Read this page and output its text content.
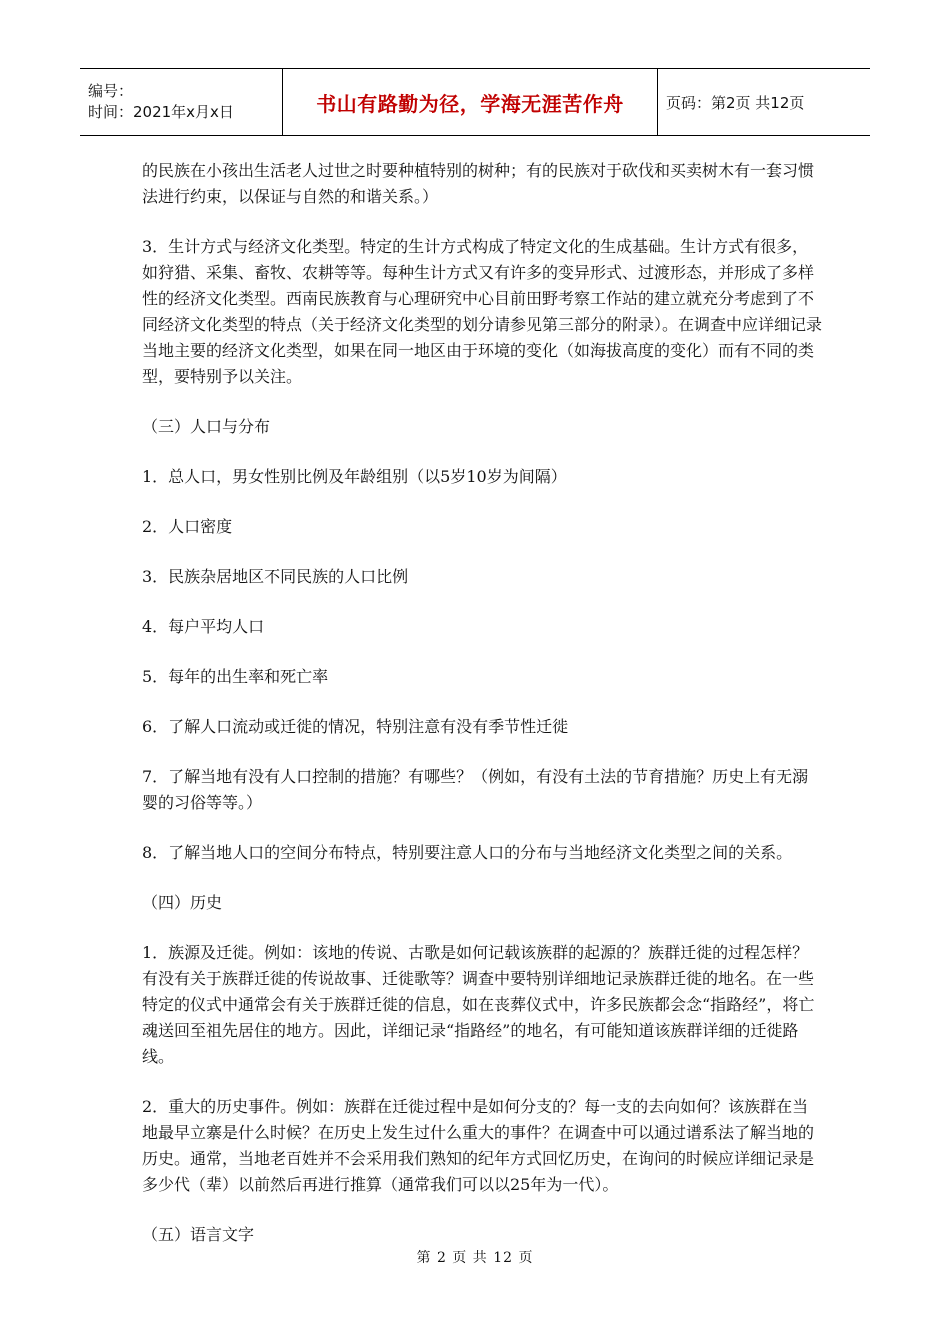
编号：
时间：2021年x月x日	书山有路勤为径，学海无涯苦作舟	页码：第2页 共12页

的民族在小孩出生活老人过世之时要种植特别的树种；有的民族对于砍伐和买卖树木有一套习惯法进行约束，以保证与自然的和谐关系。）

3．生计方式与经济文化类型。特定的生计方式构成了特定文化的生成基础。生计方式有很多，如狩猎、采集、畜牧、农耕等等。每种生计方式又有许多的变异形式、过渡形态，并形成了多样性的经济文化类型。西南民族教育与心理研究中心目前田野考察工作站的建立就充分考虑到了不同经济文化类型的特点（关于经济文化类型的划分请参见第三部分的附录）。在调查中应详细记录当地主要的经济文化类型，如果在同一地区由于环境的变化（如海拔高度的变化）而有不同的类型，要特别予以关注。

（三）人口与分布

1．总人口，男女性别比例及年龄组别（以5岁10岁为间隔）

2．人口密度

3．民族杂居地区不同民族的人口比例

4．每户平均人口

5．每年的出生率和死亡率

6．了解人口流动或迁徙的情况，特别注意有没有季节性迁徙

7．了解当地有没有人口控制的措施？有哪些？（例如，有没有土法的节育措施？历史上有无溺婴的习俗等等。）

8．了解当地人口的空间分布特点，特别要注意人口的分布与当地经济文化类型之间的关系。

（四）历史

1．族源及迁徙。例如：该地的传说、古歌是如何记载该族群的起源的？族群迁徙的过程怎样？有没有关于族群迁徙的传说故事、迁徙歌等？调查中要特别详细地记录族群迁徙的地名。在一些特定的仪式中通常会有关于族群迁徙的信息，如在丧葬仪式中，许多民族都会念“指路经”，将亡魂送回至祖先居住的地方。因此，详细记录“指路经”的地名，有可能知道该族群详细的迁徙路线。

2．重大的历史事件。例如：族群在迁徙过程中是如何分支的？每一支的去向如何？该族群在当地最早立寨是什么时候？在历史上发生过什么重大的事件？在调查中可以通过谱系法了解当地的历史。通常，当地老百姓并不会采用我们熟知的纪年方式回忆历史，在询问的时候应详细记录是多少代（辈）以前然后再进行推算（通常我们可以以25年为一代）。

（五）语言文字

第 2 页 共 12 页
